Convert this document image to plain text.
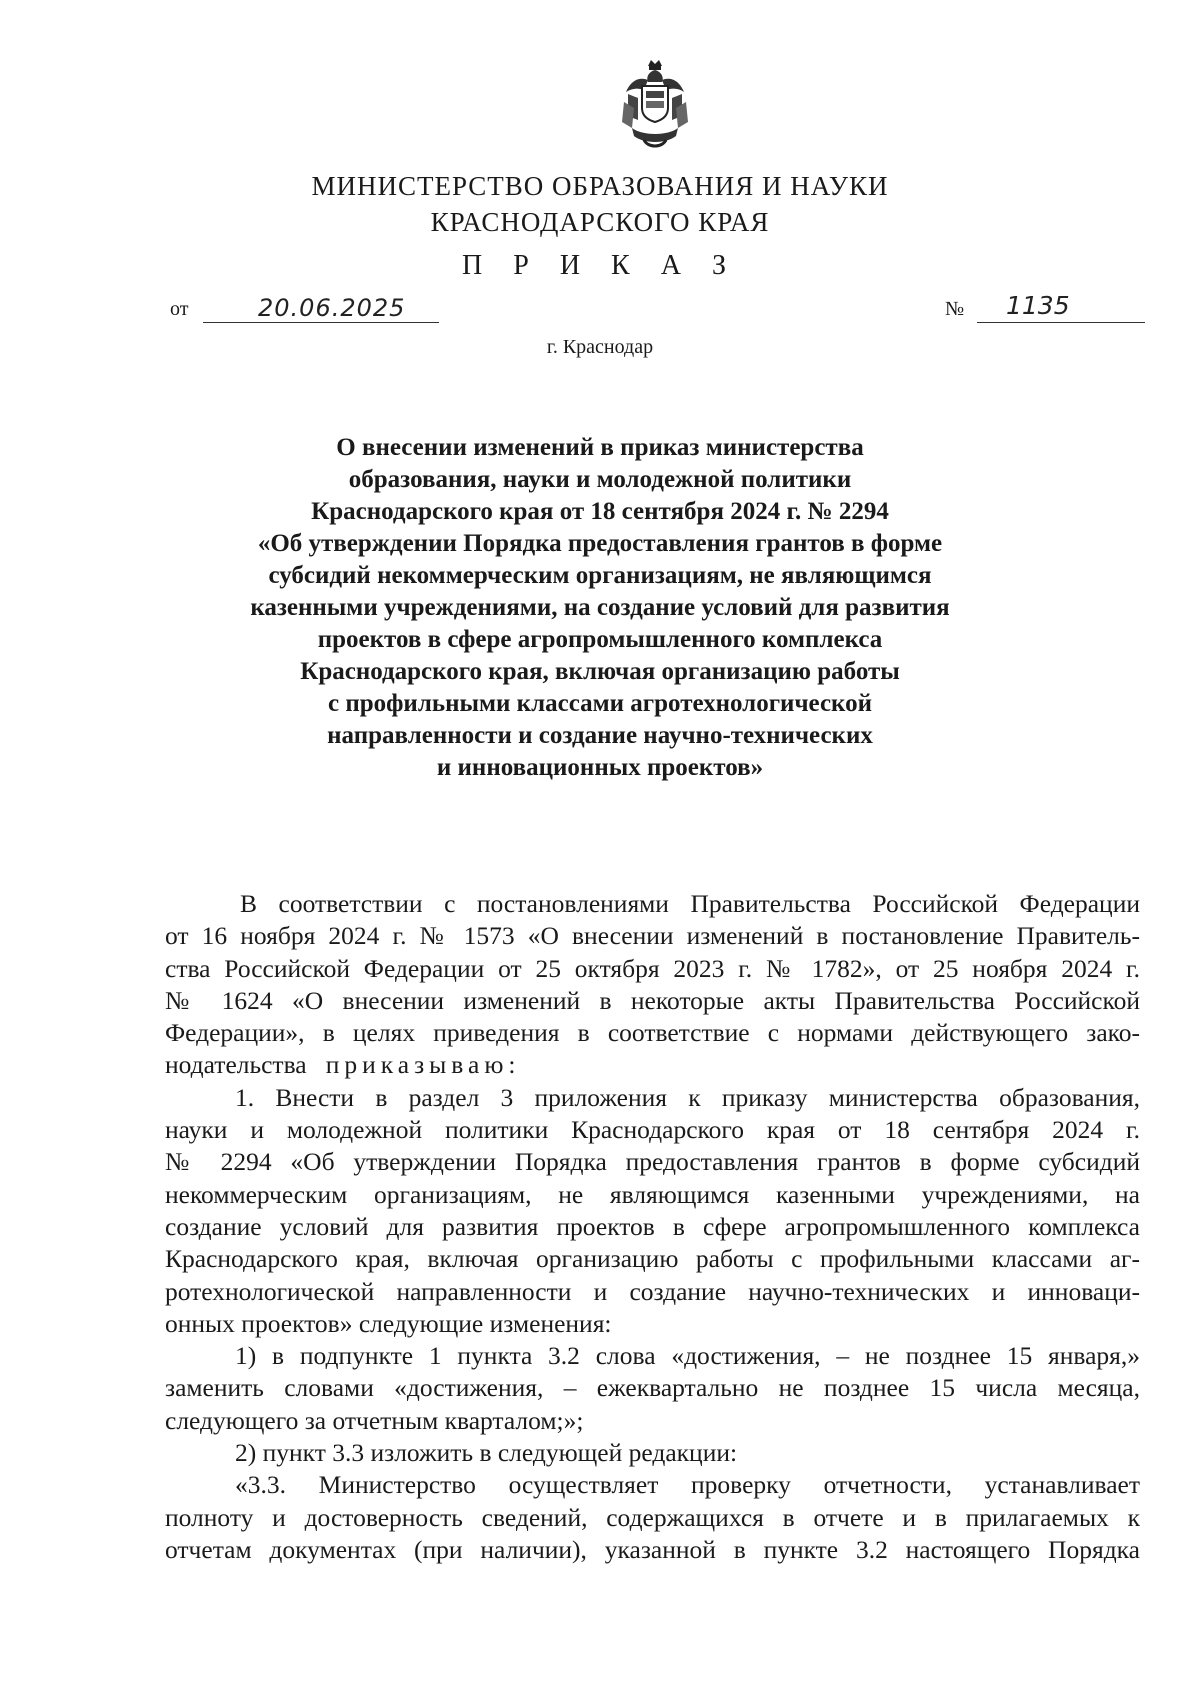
МИНИСТЕРСТВО ОБРАЗОВАНИЯ И НАУКИ
КРАСНОДАРСКОГО КРАЯ
П Р И К А З
от	20.06.2025	№ 1135
г. Краснодар
О внесении изменений в приказ министерства
образования, науки и молодежной политики
Краснодарского края от 18 сентября 2024 г. № 2294
«Об утверждении Порядка предоставления грантов в форме
субсидий некоммерческим организациям, не являющимся
казенными учреждениями, на создание условий для развития
проектов в сфере агропромышленного комплекса
Краснодарского края, включая организацию работы
с профильными классами агротехнологической
направленности и создание научно-технических
и инновационных проектов»
В соответствии с постановлениями Правительства Российской Федерации
от 16 ноября 2024 г. № 1573 «О внесении изменений в постановление Правитель-
ства Российской Федерации от 25 октября 2023 г. № 1782», от 25 ноября 2024 г.
№ 1624 «О внесении изменений в некоторые акты Правительства Российской
Федерации», в целях приведения в соответствие с нормами действующего зако-
нодательства приказываю:
1. Внести в раздел 3 приложения к приказу министерства образования,
науки и молодежной политики Краснодарского края от 18 сентября 2024 г.
№ 2294 «Об утверждении Порядка предоставления грантов в форме субсидий
некоммерческим организациям, не являющимся казенными учреждениями, на
создание условий для развития проектов в сфере агропромышленного комплекса
Краснодарского края, включая организацию работы с профильными классами аг-
ротехнологической направленности и создание научно-технических и инноваци-
онных проектов» следующие изменения:
1) в подпункте 1 пункта 3.2 слова «достижения, – не позднее 15 января,»
заменить словами «достижения, – ежеквартально не позднее 15 числа месяца,
следующего за отчетным кварталом;»;
2) пункт 3.3 изложить в следующей редакции:
«3.3. Министерство осуществляет проверку отчетности, устанавливает
полноту и достоверность сведений, содержащихся в отчете и в прилагаемых к
отчетам документах (при наличии), указанной в пункте 3.2 настоящего Порядка
